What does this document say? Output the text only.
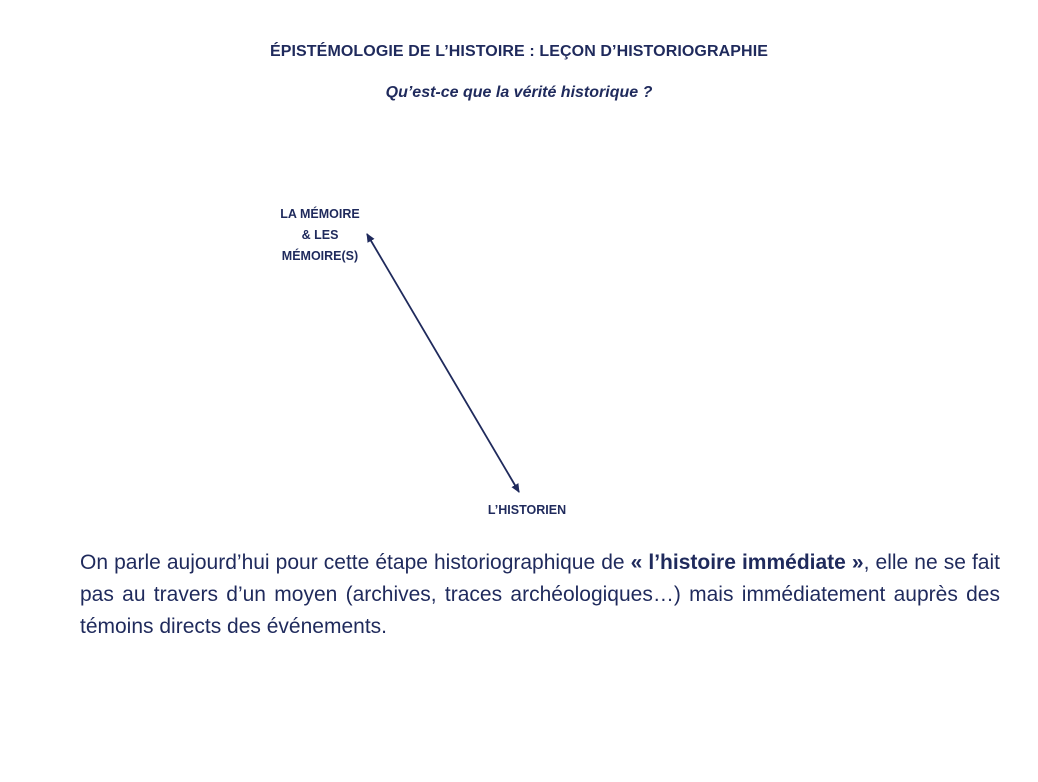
ÉPISTÉMOLOGIE DE L’HISTOIRE : LEÇON D’HISTORIOGRAPHIE
Qu’est-ce que la vérité historique ?
LA MÉMOIRE
& LES
MÉMOIRE(S)
L’HISTORIEN
On parle aujourd’hui pour cette étape historiographique de « l’histoire immédiate », elle ne se fait pas au travers d’un moyen (archives, traces archéologiques…) mais immédiatement auprès des témoins directs des événements.
